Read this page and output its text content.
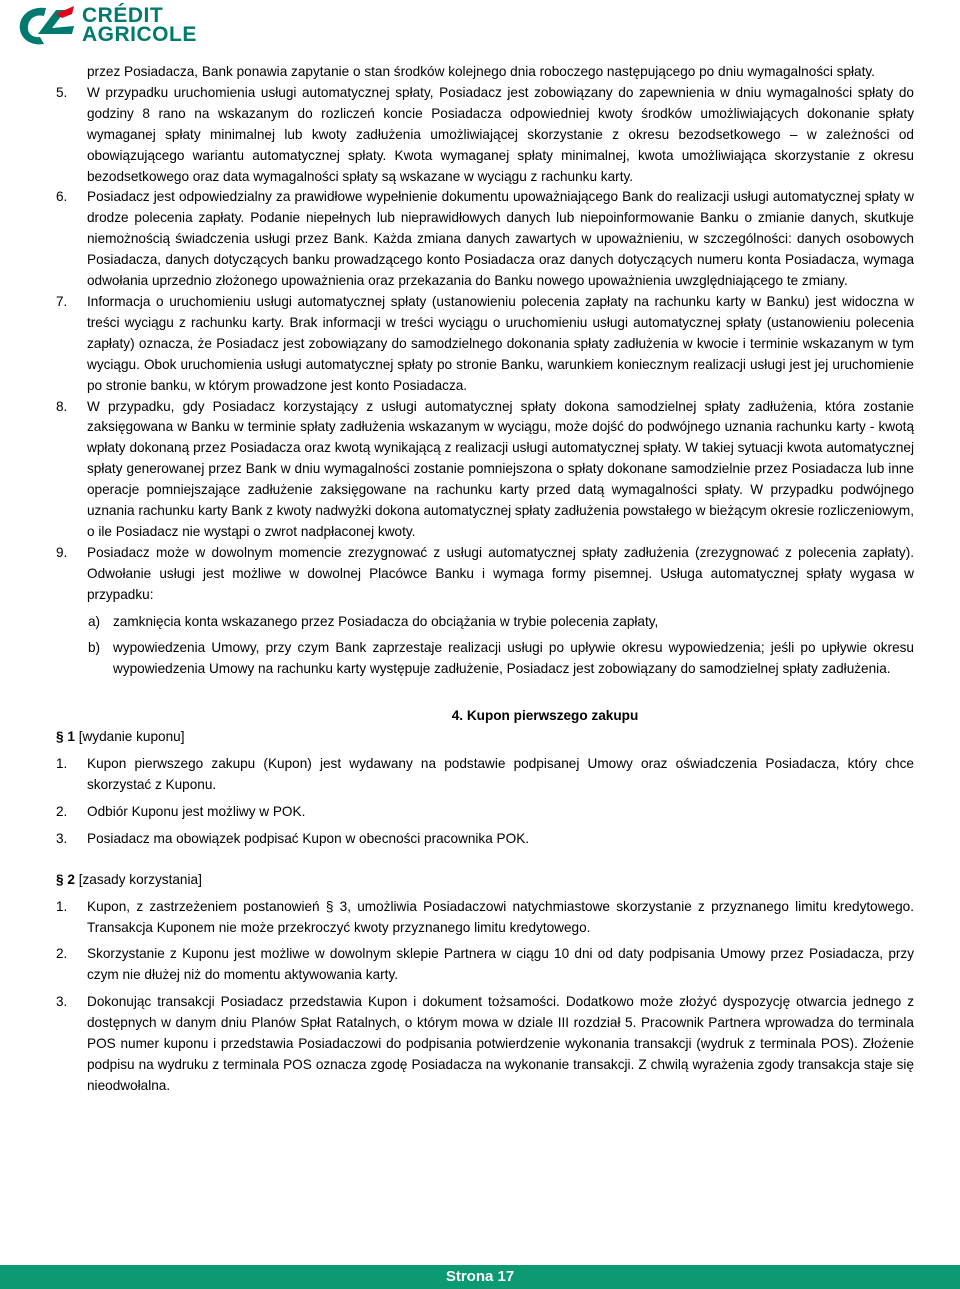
CRÉDIT
AGRICOLE
przez Posiadacza, Bank ponawia zapytanie o stan środków kolejnego dnia roboczego następującego po dniu wymagalności spłaty.
5. W przypadku uruchomienia usługi automatycznej spłaty, Posiadacz jest zobowiązany do zapewnienia w dniu wymagalności spłaty do godziny 8 rano na wskazanym do rozliczeń koncie Posiadacza odpowiedniej kwoty środków umożliwiających dokonanie spłaty wymaganej spłaty minimalnej lub kwoty zadłużenia umożliwiającej skorzystanie z okresu bezodsetkowego – w zależności od obowiązującego wariantu automatycznej spłaty. Kwota wymaganej spłaty minimalnej, kwota umożliwiająca skorzystanie z okresu bezodsetkowego oraz data wymagalności spłaty są wskazane w wyciągu z rachunku karty.
6. Posiadacz jest odpowiedzialny za prawidłowe wypełnienie dokumentu upoważniającego Bank do realizacji usługi automatycznej spłaty w drodze polecenia zapłaty. Podanie niepełnych lub nieprawidłowych danych lub niepoinformowanie Banku o zmianie danych, skutkuje niemożnością świadczenia usługi przez Bank. Każda zmiana danych zawartych w upoważnieniu, w szczególności: danych osobowych Posiadacza, danych dotyczących banku prowadzącego konto Posiadacza oraz danych dotyczących numeru konta Posiadacza, wymaga odwołania uprzednio złożonego upoważnienia oraz przekazania do Banku nowego upoważnienia uwzględniającego te zmiany.
7. Informacja o uruchomieniu usługi automatycznej spłaty (ustanowieniu polecenia zapłaty na rachunku karty w Banku) jest widoczna w treści wyciągu z rachunku karty. Brak informacji w treści wyciągu o uruchomieniu usługi automatycznej spłaty (ustanowieniu polecenia zapłaty) oznacza, że Posiadacz jest zobowiązany do samodzielnego dokonania spłaty zadłużenia w kwocie i terminie wskazanym w tym wyciągu. Obok uruchomienia usługi automatycznej spłaty po stronie Banku, warunkiem koniecznym realizacji usługi jest jej uruchomienie po stronie banku, w którym prowadzone jest konto Posiadacza.
8. W przypadku, gdy Posiadacz korzystający z usługi automatycznej spłaty dokona samodzielnej spłaty zadłużenia, która zostanie zaksięgowana w Banku w terminie spłaty zadłużenia wskazanym w wyciągu, może dojść do podwójnego uznania rachunku karty - kwotą wpłaty dokonaną przez Posiadacza oraz kwotą wynikającą z realizacji usługi automatycznej spłaty. W takiej sytuacji kwota automatycznej spłaty generowanej przez Bank w dniu wymagalności zostanie pomniejszona o spłaty dokonane samodzielnie przez Posiadacza lub inne operacje pomniejszające zadłużenie zaksięgowane na rachunku karty przed datą wymagalności spłaty. W przypadku podwójnego uznania rachunku karty Bank z kwoty nadwyżki dokona automatycznej spłaty zadłużenia powstałego w bieżącym okresie rozliczeniowym, o ile Posiadacz nie wystąpi o zwrot nadpłaconej kwoty.
9. Posiadacz może w dowolnym momencie zrezygnować z usługi automatycznej spłaty zadłużenia (zrezygnować z polecenia zapłaty). Odwołanie usługi jest możliwe w dowolnej Placówce Banku i wymaga formy pisemnej. Usługa automatycznej spłaty wygasa w przypadku:
a) zamknięcia konta wskazanego przez Posiadacza do obciążania w trybie polecenia zapłaty,
b) wypowiedzenia Umowy, przy czym Bank zaprzestaje realizacji usługi po upływie okresu wypowiedzenia; jeśli po upływie okresu wypowiedzenia Umowy na rachunku karty występuje zadłużenie, Posiadacz jest zobowiązany do samodzielnej spłaty zadłużenia.
4. Kupon pierwszego zakupu
§ 1 [wydanie kuponu]
1. Kupon pierwszego zakupu (Kupon) jest wydawany na podstawie podpisanej Umowy oraz oświadczenia Posiadacza, który chce skorzystać z Kuponu.
2. Odbiór Kuponu jest możliwy w POK.
3. Posiadacz ma obowiązek podpisać Kupon w obecności pracownika POK.
§ 2 [zasady korzystania]
1. Kupon, z zastrzeżeniem postanowień § 3, umożliwia Posiadaczowi natychmiastowe skorzystanie z przyznanego limitu kredytowego. Transakcja Kuponem nie może przekroczyć kwoty przyznanego limitu kredytowego.
2. Skorzystanie z Kuponu jest możliwe w dowolnym sklepie Partnera w ciągu 10 dni od daty podpisania Umowy przez Posiadacza, przy czym nie dłużej niż do momentu aktywowania karty.
3. Dokonując transakcji Posiadacz przedstawia Kupon i dokument tożsamości. Dodatkowo może złożyć dyspozycję otwarcia jednego z dostępnych w danym dniu Planów Spłat Ratalnych, o którym mowa w dziale III rozdział 5. Pracownik Partnera wprowadza do terminala POS numer kuponu i przedstawia Posiadaczowi do podpisania potwierdzenie wykonania transakcji (wydruk z terminala POS). Złożenie podpisu na wydruku z terminala POS oznacza zgodę Posiadacza na wykonanie transakcji. Z chwilą wyrażenia zgody transakcja staje się nieodwołalna.
Strona 17
